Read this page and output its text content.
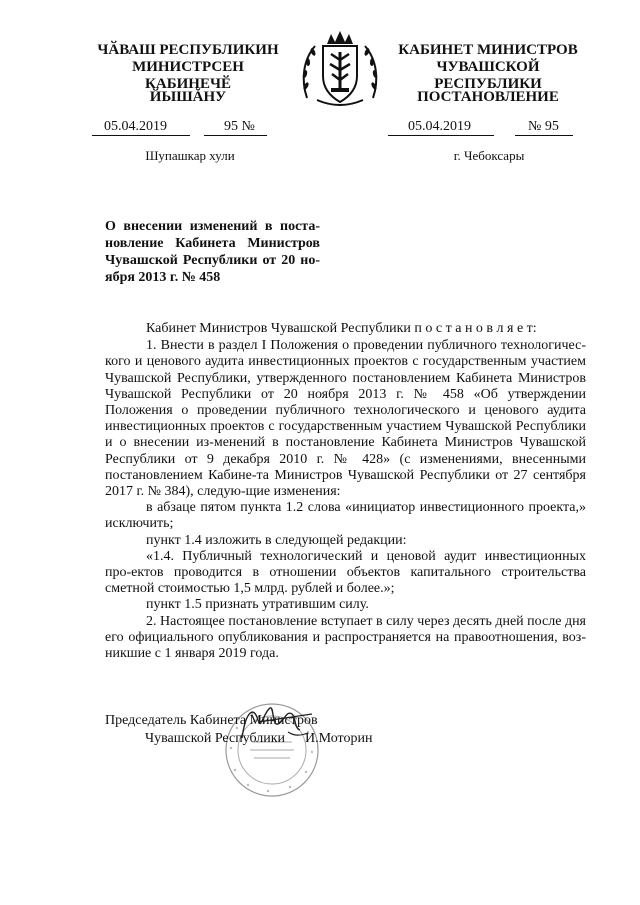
ЧӐВАШ РЕСПУБЛИКИН
МИНИСТРСЕН КАБИНЕЧӖ
ЙЫШĂНУ
05.04.2019	95 №
Шупашкар хули
КАБИНЕТ МИНИСТРОВ
ЧУВАШСКОЙ РЕСПУБЛИКИ
ПОСТАНОВЛЕНИЕ
05.04.2019	№ 95
г. Чебоксары
О внесении изменений в поста-
новление Кабинета Министров
Чувашской Республики от 20 но-
ября 2013 г. № 458

Кабинет Министров Чувашской Республики п о с т а н о в л я е т:

1. Внести в раздел I Положения о проведении публичного технологичес-кого и ценового аудита инвестиционных проектов с государственным участием Чувашской Республики, утвержденного постановлением Кабинета Министров Чувашской Республики от 20 ноября 2013 г. № 458 «Об утверждении Положения о проведении публичного технологического и ценового аудита инвестиционных проектов с государственным участием Чувашской Республики и о внесении из-менений в постановление Кабинета Министров Чувашской Республики от 9 декабря 2010 г. № 428» (с изменениями, внесенными постановлением Кабине-та Министров Чувашской Республики от 27 сентября 2017 г. № 384), следую-щие изменения:

в абзаце пятом пункта 1.2 слова «инициатор инвестиционного проекта,» исключить;

пункт 1.4 изложить в следующей редакции:

«1.4. Публичный технологический и ценовой аудит инвестиционных про-ектов проводится в отношении объектов капитального строительства сметной стоимостью 1,5 млрд. рублей и более.»;

пункт 1.5 признать утратившим силу.

2. Настоящее постановление вступает в силу через десять дней после дня его официального опубликования и распространяется на правоотношения, воз-никшие с 1 января 2019 года.

Председатель Кабинета Министров
Чувашской Республики И.Моторин
